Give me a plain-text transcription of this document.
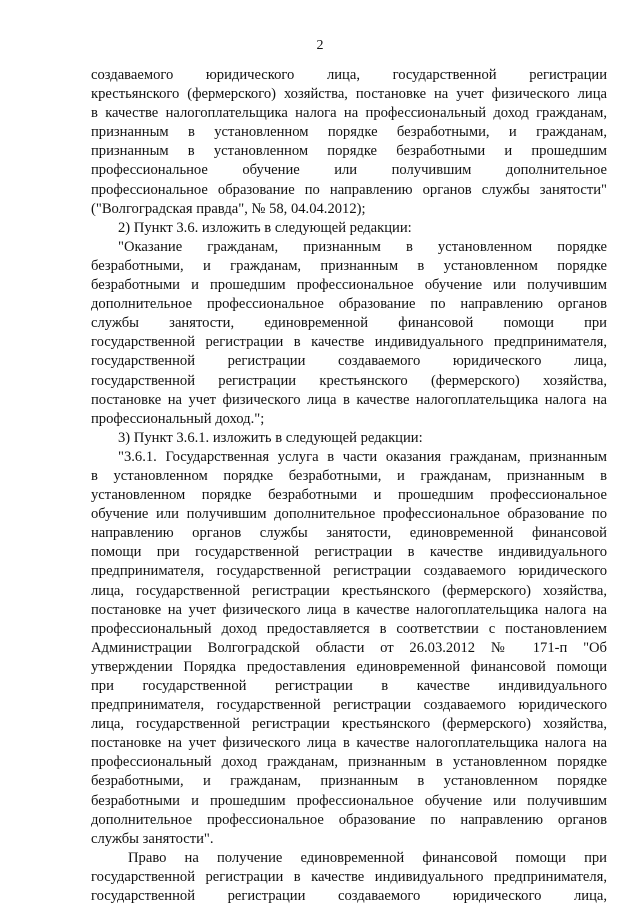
2
создаваемого юридического лица, государственной регистрации
крестьянского (фермерского) хозяйства, постановке на учет физического лица
в качестве налогоплательщика налога на профессиональный доход гражданам,
признанным в установленном порядке безработными, и гражданам,
признанным в установленном порядке безработными и прошедшим
профессиональное обучение или получившим дополнительное
профессиональное образование по направлению органов службы занятости"
("Волгоградская правда", № 58, 04.04.2012);
2) Пункт 3.6. изложить в следующей редакции:
"Оказание гражданам, признанным в установленном порядке
безработными, и гражданам, признанным в установленном порядке
безработными и прошедшим профессиональное обучение или получившим
дополнительное профессиональное образование по направлению органов
службы занятости, единовременной финансовой помощи при
государственной регистрации в качестве индивидуального предпринимателя,
государственной регистрации создаваемого юридического лица,
государственной регистрации крестьянского (фермерского) хозяйства,
постановке на учет физического лица в качестве налогоплательщика налога на
профессиональный доход.";
3) Пункт 3.6.1. изложить в следующей редакции:
"3.6.1. Государственная услуга в части оказания гражданам, признанным
в установленном порядке безработными, и гражданам, признанным в
установленном порядке безработными и прошедшим профессиональное
обучение или получившим дополнительное профессиональное образование по
направлению органов службы занятости, единовременной финансовой
помощи при государственной регистрации в качестве индивидуального
предпринимателя, государственной регистрации создаваемого юридического
лица, государственной регистрации крестьянского (фермерского) хозяйства,
постановке на учет физического лица в качестве налогоплательщика налога на
профессиональный доход предоставляется в соответствии с постановлением
Администрации Волгоградской области от 26.03.2012 № 171-п "Об
утверждении Порядка предоставления единовременной финансовой помощи
при государственной регистрации в качестве индивидуального
предпринимателя, государственной регистрации создаваемого юридического
лица, государственной регистрации крестьянского (фермерского) хозяйства,
постановке на учет физического лица в качестве налогоплательщика налога на
профессиональный доход гражданам, признанным в установленном порядке
безработными, и гражданам, признанным в установленном порядке
безработными и прошедшим профессиональное обучение или получившим
дополнительное профессиональное образование по направлению органов
службы занятости".
Право на получение единовременной финансовой помощи при
государственной регистрации в качестве индивидуального предпринимателя,
государственной регистрации создаваемого юридического лица,
